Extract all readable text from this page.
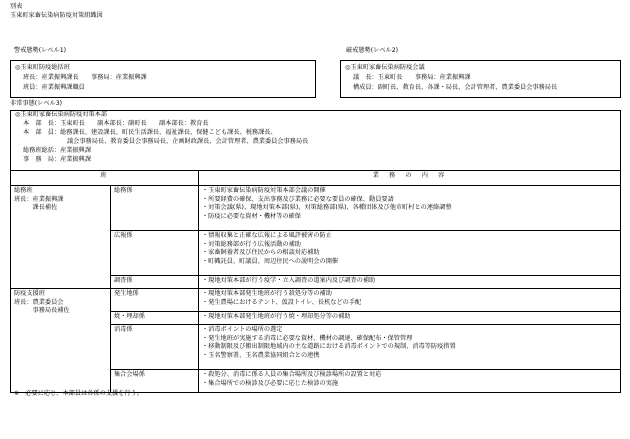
別表
玉東町家畜伝染病防疫対策組織図
警戒態勢(レベル1)
◎玉東町防疫総括班
班長：産業振興課長　　事務局：産業振興課
班員：産業振興課職員
厳戒態勢(レベル2)
◎玉東町家畜伝染病防疫会議
議　長：玉東町長　　事務局：産業振興課
構成員：副町長、教育長、各課・局長、会計管理者、農業委員会事務局長
非常事態(レベル3)
◎玉東町家畜伝染病防疫対策本部
本　部　長：玉東町長　　副本部長：副町長　　副本部長：教育長
本　部　員：総務課長、建設課長、町民生活課長、福祉課長、保健こども課長、税務課長、
議会事務局長、教育委員会事務局長、企画財政課長、会計管理者、農業委員会事務局長
総務班総括：産業振興課
事　務　局：産業振興課
班		業　務　の　内　容

総務班
班長：産業振興課
　　　課長補佐	総務係	・玉東町家畜伝染病防疫対策本部会議の開催
・所要経費の確保、支出事務及び業務に必要な要員の確保、動員要請
・対策会議(県)、現地対策本部(県)、対策総務部(県)、各種団体及び他市町村との連絡調整
・防疫に必要な資材・機材等の確保

	広報係	・情報収集と正確な広報による風評被害の防止
・対策総務部が行う広報活動の補助
・家畜飼養者及び住民からの相談対応補助
・町幟託員、町議員、周辺住民への説明会の開催

	調査係	・現地対策本部が行う疫学・立入調査の道案内及び調査の補助

防疫支援班
班長：農業委員会
　　　事務局長補佐	発生地係	・現地対策本部発生地班が行う殺処分等の補助
・発生農場におけるテント、仮設トイレ、長机などの手配

	焼・埋却係	・現地対策本部発生地班が行う焼・埋却処分等の補助

	消毒係	・消毒ポイントの場所の選定
・発生地班が実施する消毒に必要な資材、機材の調達、確保配布・保管管理
・移動制限及び搬出制限地域内の主な道路における消毒ポイントでの規制、消毒等防疫措置
・玉名警察署、玉名農業協同組合との連携

	集合会場係	・殺処分、消毒に係る人員の集合場所及び検診場所の設置と対応
・集合場所での検診及び必要に応じた検診の実施
※　必要に応じ、本部員は各係の支援を行う。
